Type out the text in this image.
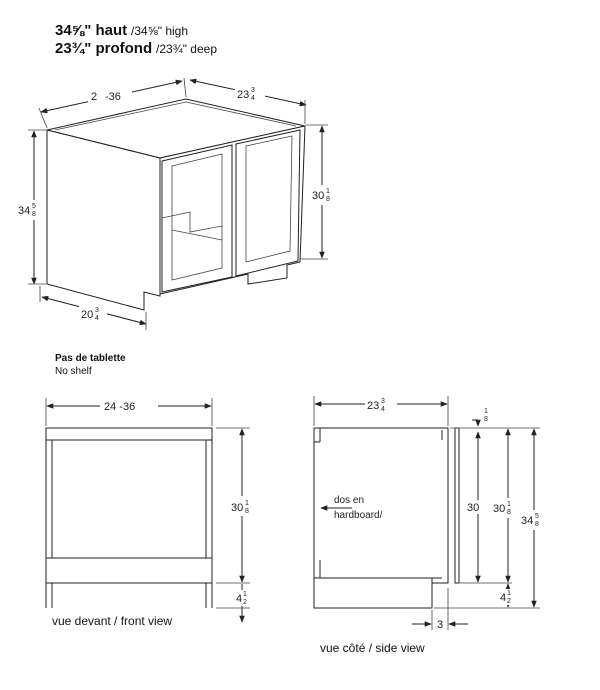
34⅝" haut /34⅝" high
23¾" profond /23¾" deep
Pas de tablette
No shelf
vue devant / front view
vue côté / side view
2 -36	23 3
4
34 5
8
30 1
8
20 3
4
24 -36
30 1
8
4 1
2
23 3
4
dos en
hardboard/
1
8
30 30 1
8
34 5
8
4 1
2
3
